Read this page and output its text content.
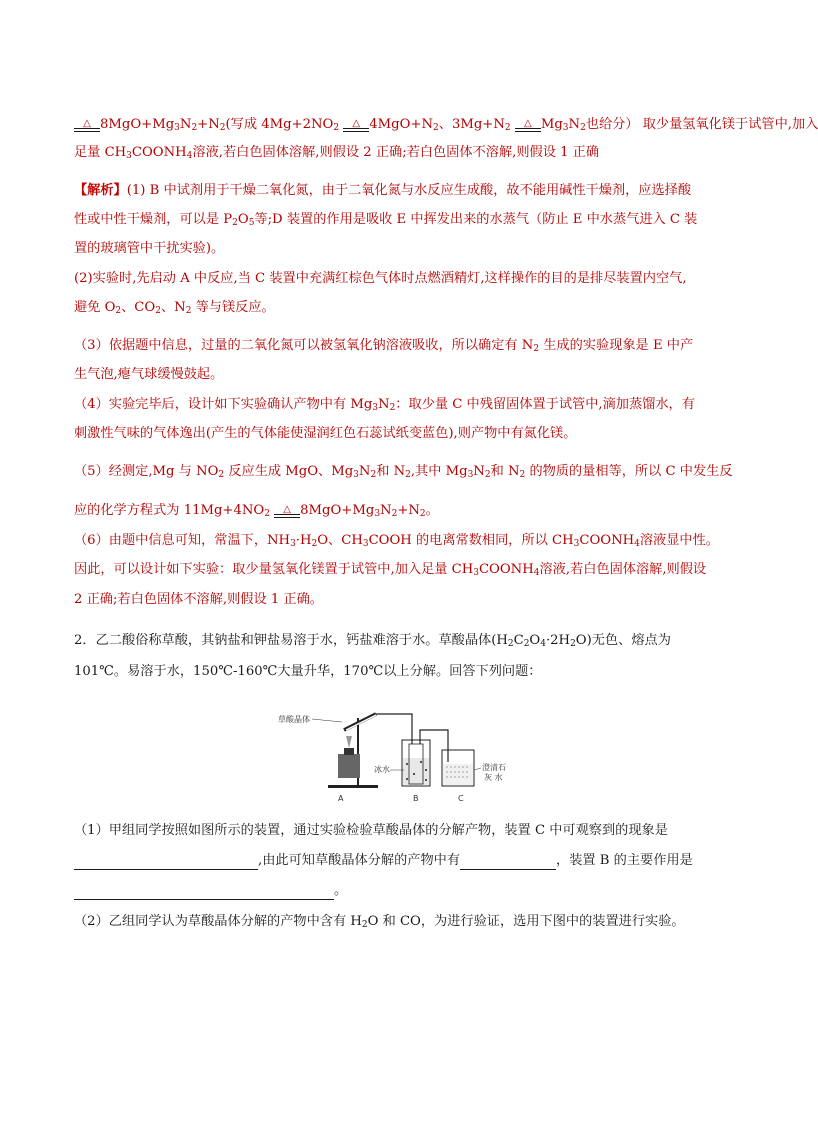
△ $8MgO+Mg_3N_2+N_2$(写成 $4Mg+2NO_2$	△ $4MgO+N_2$、$3Mg+N_2$	△ $Mg_3N_2$也给分） 取少量氢氧化镁于试管中,加入
足量 $CH_3COONH_4$溶液,若白色固体溶解,则假设 2 正确;若白色固体不溶解,则假设 1 正确
【解析】(1) B 中试剂用于干燥二氧化氮，由于二氧化氮与水反应生成酸，故不能用碱性干燥剂，应选择酸
性或中性干燥剂，可以是 $P_2O_5$等;D 装置的作用是吸收 E 中挥发出来的水蒸气（防止 E 中水蒸气进入 C 装
置的玻璃管中干扰实验)。
(2)实验时,先启动 A 中反应,当 C 装置中充满红棕色气体时点燃酒精灯,这样操作的目的是排尽装置内空气,
避免 $O_2$、$CO_2$、$N_2$ 等与镁反应。
（3）依据题中信息，过量的二氧化氮可以被氢氧化钠溶液吸收，所以确定有 $N_2$ 生成的实验现象是 E 中产
生气泡,瘪气球缓慢鼓起。
（4）实验完毕后，设计如下实验确认产物中有 $Mg_3N_2$：取少量 C 中残留固体置于试管中,滴加蒸馏水，有
刺激性气味的气体逸出(产生的气体能使湿润红色石蕊试纸变蓝色),则产物中有氮化镁。
（5）经测定,Mg 与 $NO_2$ 反应生成 MgO、$Mg_3N_2$和 $N_2$,其中 $Mg_3N_2$和 $N_2$ 的物质的量相等，所以 C 中发生反
应的化学方程式为 $11Mg+4NO_2$	△ $8MgO+Mg_3N_2+N_2$。
（6）由题中信息可知，常温下，$NH_3\cdot H_2O$、$CH_3COOH$ 的电离常数相同，所以 $CH_3COONH_4$溶液显中性。
因此，可以设计如下实验：取少量氢氧化镁置于试管中,加入足量 $CH_3COONH_4$溶液,若白色固体溶解,则假设
2 正确;若白色固体不溶解,则假设 1 正确。
2．乙二酸俗称草酸，其钠盐和钾盐易溶于水，钙盐难溶于水。草酸晶体$(H_2C_2O_4\cdot 2H_2O)$无色、熔点为
101℃。易溶于水，150℃-160℃大量升华，170℃以上分解。回答下列问题：
草酸晶体
冰水	澄清石
灰 水
A	B	C
（1）甲组同学按照如图所示的装置，通过实验检验草酸晶体的分解产物，装置 C 中可观察到的现象是
,由此可知草酸晶体分解的产物中有	，装置 B 的主要作用是
。
（2）乙组同学认为草酸晶体分解的产物中含有 $H_2O$ 和 CO，为进行验证，选用下图中的装置进行实验。
